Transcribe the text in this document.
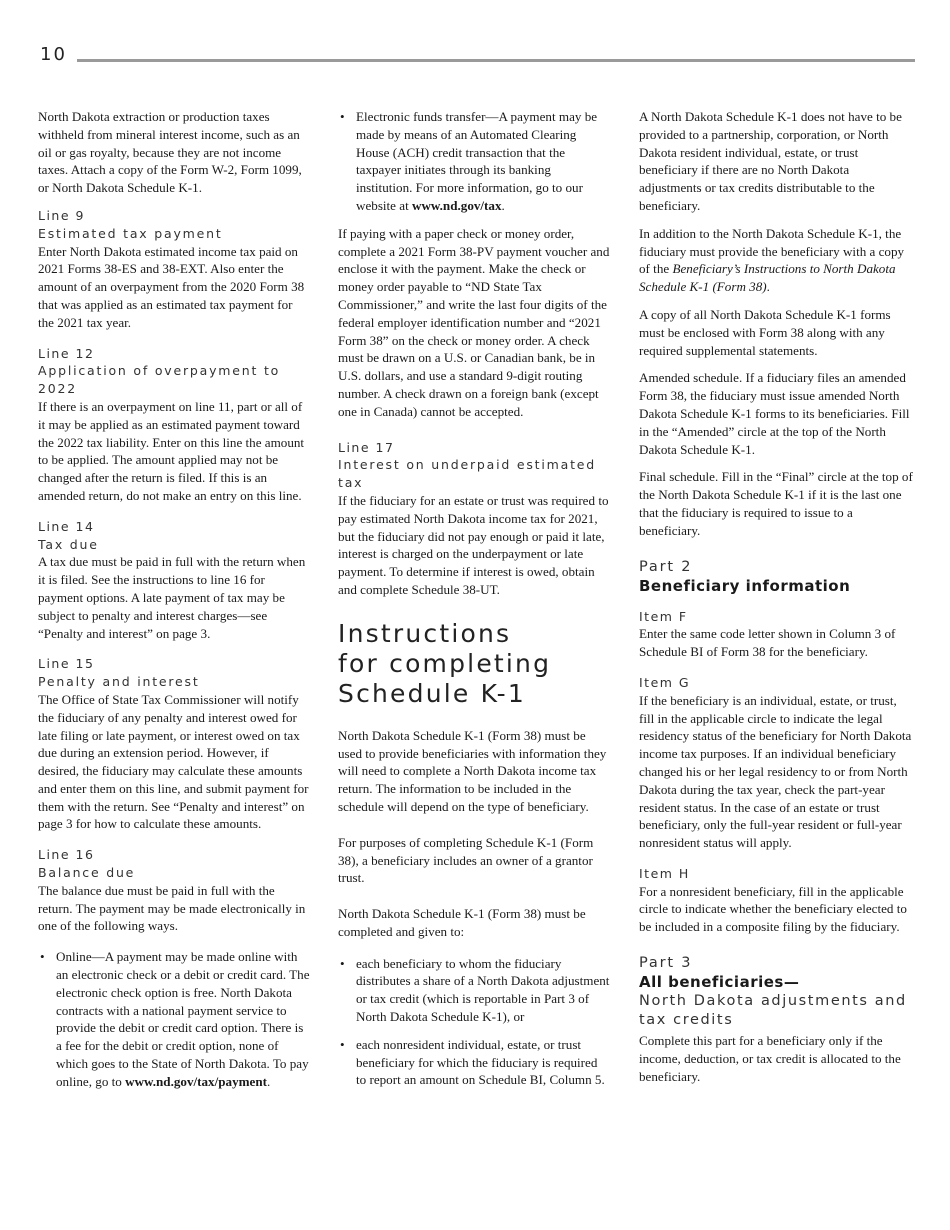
10

North Dakota extraction or production taxes withheld from mineral interest income, such as an oil or gas royalty, because they are not income taxes. Attach a copy of the Form W-2, Form 1099, or North Dakota Schedule K-1.

Line 9
Estimated tax payment
Enter North Dakota estimated income tax paid on 2021 Forms 38-ES and 38-EXT. Also enter the amount of an overpayment from the 2020 Form 38 that was applied as an estimated tax payment for the 2021 tax year.
Line 12
Application of overpayment to 2022
If there is an overpayment on line 11, part or all of it may be applied as an estimated payment toward the 2022 tax liability. Enter on this line the amount to be applied. The amount applied may not be changed after the return is filed. If this is an amended return, do not make an entry on this line.
Line 14
Tax due
A tax due must be paid in full with the return when it is filed. See the instructions to line 16 for payment options. A late payment of tax may be subject to penalty and interest charges—see “Penalty and interest” on page 3.
Line 15
Penalty and interest
The Office of State Tax Commissioner will notify the fiduciary of any penalty and interest owed for late filing or late payment, or interest owed on tax due during an extension period. However, if desired, the fiduciary may calculate these amounts and enter them on this line, and submit payment for them with the return. See “Penalty and interest” on page 3 for how to calculate these amounts.
Line 16
Balance due
The balance due must be paid in full with the return. The payment may be made electronically in one of the following ways.
• Online—A payment may be made online with an electronic check or a debit or credit card. The electronic check option is free. North Dakota contracts with a national payment service to provide the debit or credit card option. There is a fee for the debit or credit option, none of which goes to the State of North Dakota. To pay online, go to www.nd.gov/tax/payment.
• Electronic funds transfer—A payment may be made by means of an Automated Clearing House (ACH) credit transaction that the taxpayer initiates through its banking institution. For more information, go to our website at www.nd.gov/tax.

If paying with a paper check or money order, complete a 2021 Form 38-PV payment voucher and enclose it with the payment. Make the check or money order payable to “ND State Tax Commissioner,” and write the last four digits of the federal employer identification number and “2021 Form 38” on the check or money order. A check must be drawn on a U.S. or Canadian bank, be in U.S. dollars, and use a standard 9-digit routing number. A check drawn on a foreign bank (except one in Canada) cannot be accepted.

Line 17
Interest on underpaid estimated tax
If the fiduciary for an estate or trust was required to pay estimated North Dakota income tax for 2021, but the fiduciary did not pay enough or paid it late, interest is charged on the underpayment or late payment. To determine if interest is owed, obtain and complete Schedule 38-UT.
Instructions
for completing
Schedule K-1

North Dakota Schedule K-1 (Form 38) must be used to provide beneficiaries with information they will need to complete a North Dakota income tax return. The information to be included in the schedule will depend on the type of beneficiary.

For purposes of completing Schedule K-1 (Form 38), a beneficiary includes an owner of a grantor trust.

North Dakota Schedule K-1 (Form 38) must be completed and given to:

• each beneficiary to whom the fiduciary distributes a share of a North Dakota adjustment or tax credit (which is reportable in Part 3 of North Dakota Schedule K-1), or
• each nonresident individual, estate, or trust beneficiary for which the fiduciary is required to report an amount on Schedule BI, Column 5.

A North Dakota Schedule K-1 does not have to be provided to a partnership, corporation, or North Dakota resident individual, estate, or trust beneficiary if there are no North Dakota adjustments or tax credits distributable to the beneficiary.

In addition to the North Dakota Schedule K-1, the fiduciary must provide the beneficiary with a copy of the Beneficiary’s Instructions to North Dakota Schedule K-1 (Form 38).

A copy of all North Dakota Schedule K-1 forms must be enclosed with Form 38 along with any required supplemental statements.

Amended schedule. If a fiduciary files an amended Form 38, the fiduciary must issue amended North Dakota Schedule K-1 forms to its beneficiaries. Fill in the “Amended” circle at the top of the North Dakota Schedule K-1.

Final schedule. Fill in the “Final” circle at the top of the North Dakota Schedule K-1 if it is the last one that the fiduciary is required to issue to a beneficiary.

Part 2
Beneficiary information
Item F
Enter the same code letter shown in Column 3 of Schedule BI of Form 38 for the beneficiary.
Item G
If the beneficiary is an individual, estate, or trust, fill in the applicable circle to indicate the legal residency status of the beneficiary for North Dakota income tax purposes. If an individual beneficiary changed his or her legal residency to or from North Dakota during the tax year, check the part-year resident status. In the case of an estate or trust beneficiary, only the full-year resident or full-year nonresident status will apply.
Item H
For a nonresident beneficiary, fill in the applicable circle to indicate whether the beneficiary elected to be included in a composite filing by the fiduciary.
Part 3
All beneficiaries—
North Dakota adjustments and tax credits

Complete this part for a beneficiary only if the income, deduction, or tax credit is allocated to the beneficiary.
